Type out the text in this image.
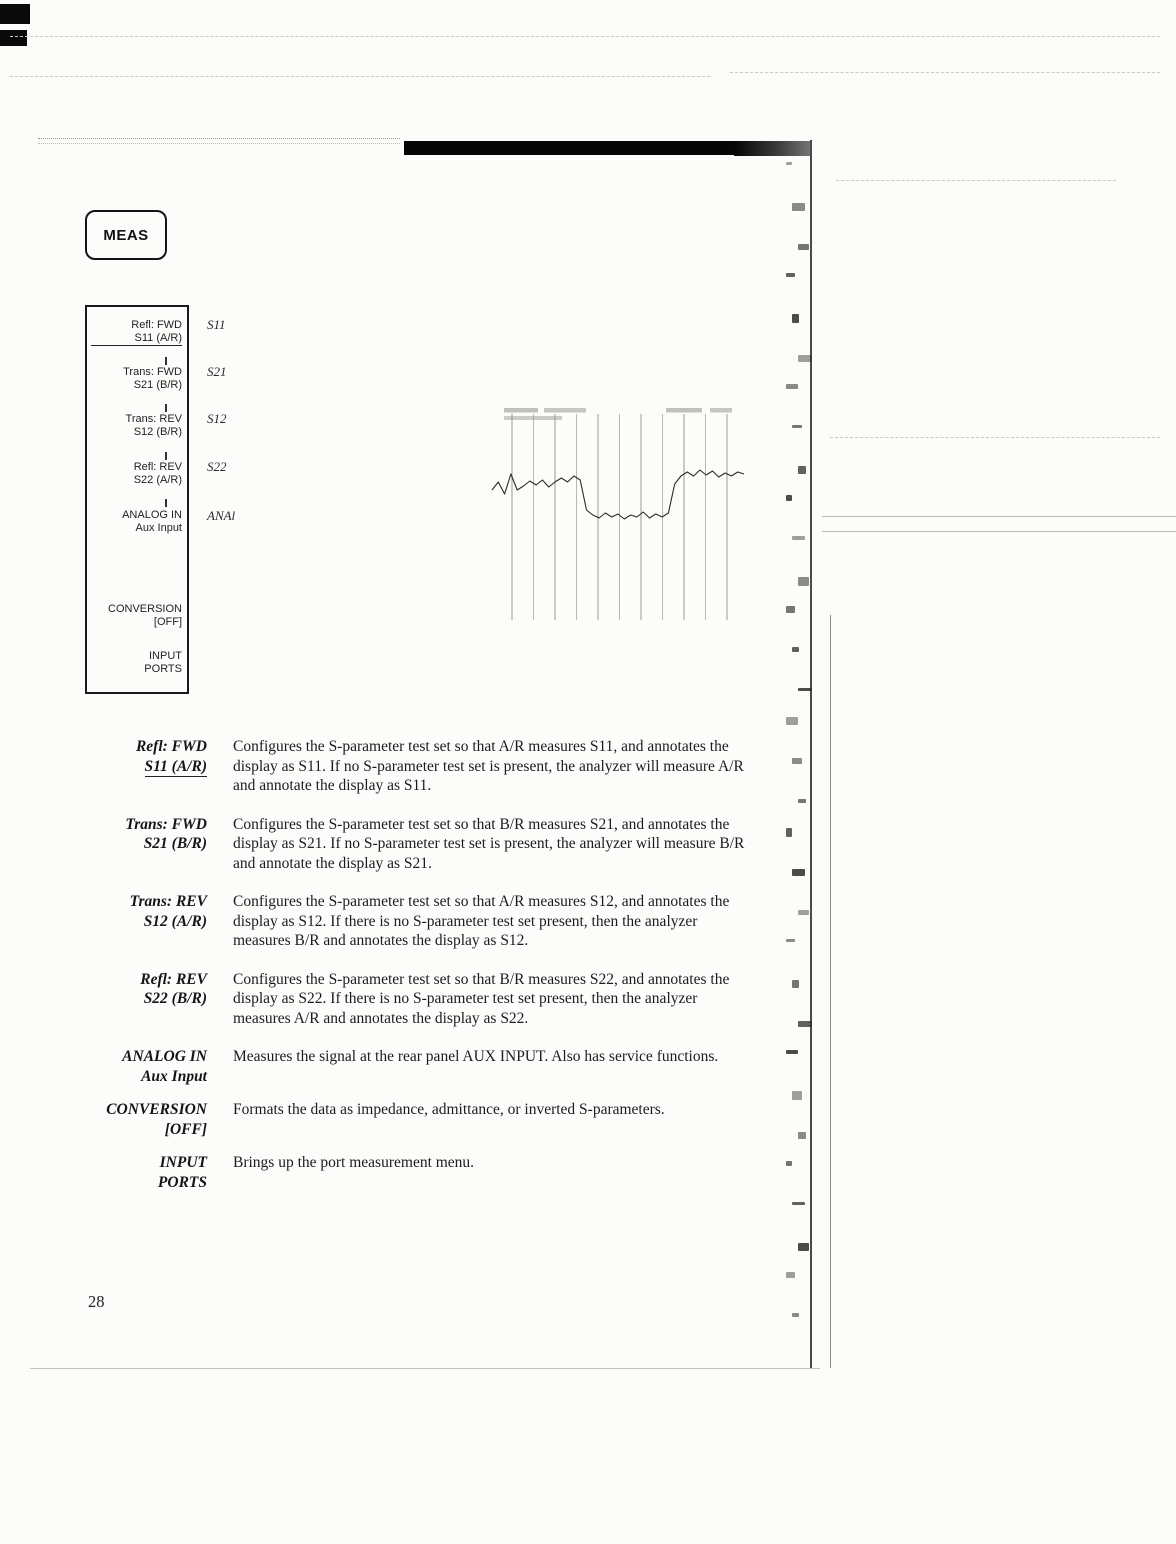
MEAS
Refl: FWD
S11 (A/R)
Trans: FWD
S21 (B/R)
Trans: REV
S12 (B/R)
Refl: REV
S22 (A/R)
ANALOG IN
Aux Input
CONVERSION
[OFF]
INPUT
PORTS
S11
S21
S12
S22
ANAl
Refl: FWD
S11 (A/R)
Configures the S-parameter test set so that A/R measures S11, and annotates the display as S11. If no S-parameter test set is present, the analyzer will measure A/R and annotate the display as S11.
Trans: FWD
S21 (B/R)
Configures the S-parameter test set so that B/R measures S21, and annotates the display as S21. If no S-parameter test set is present, the analyzer will measure B/R and annotate the display as S21.
Trans: REV
S12 (A/R)
Configures the S-parameter test set so that A/R measures S12, and annotates the display as S12. If there is no S-parameter test set present, then the analyzer measures B/R and annotates the display as S12.
Refl: REV
S22 (B/R)
Configures the S-parameter test set so that B/R measures S22, and annotates the display as S22. If there is no S-parameter test set present, then the analyzer measures A/R and annotates the display as S22.
ANALOG IN
Aux Input
Measures the signal at the rear panel AUX INPUT. Also has service functions.
CONVERSION
[OFF]
Formats the data as impedance, admittance, or inverted S-parameters.
INPUT
PORTS
Brings up the port measurement menu.
28
